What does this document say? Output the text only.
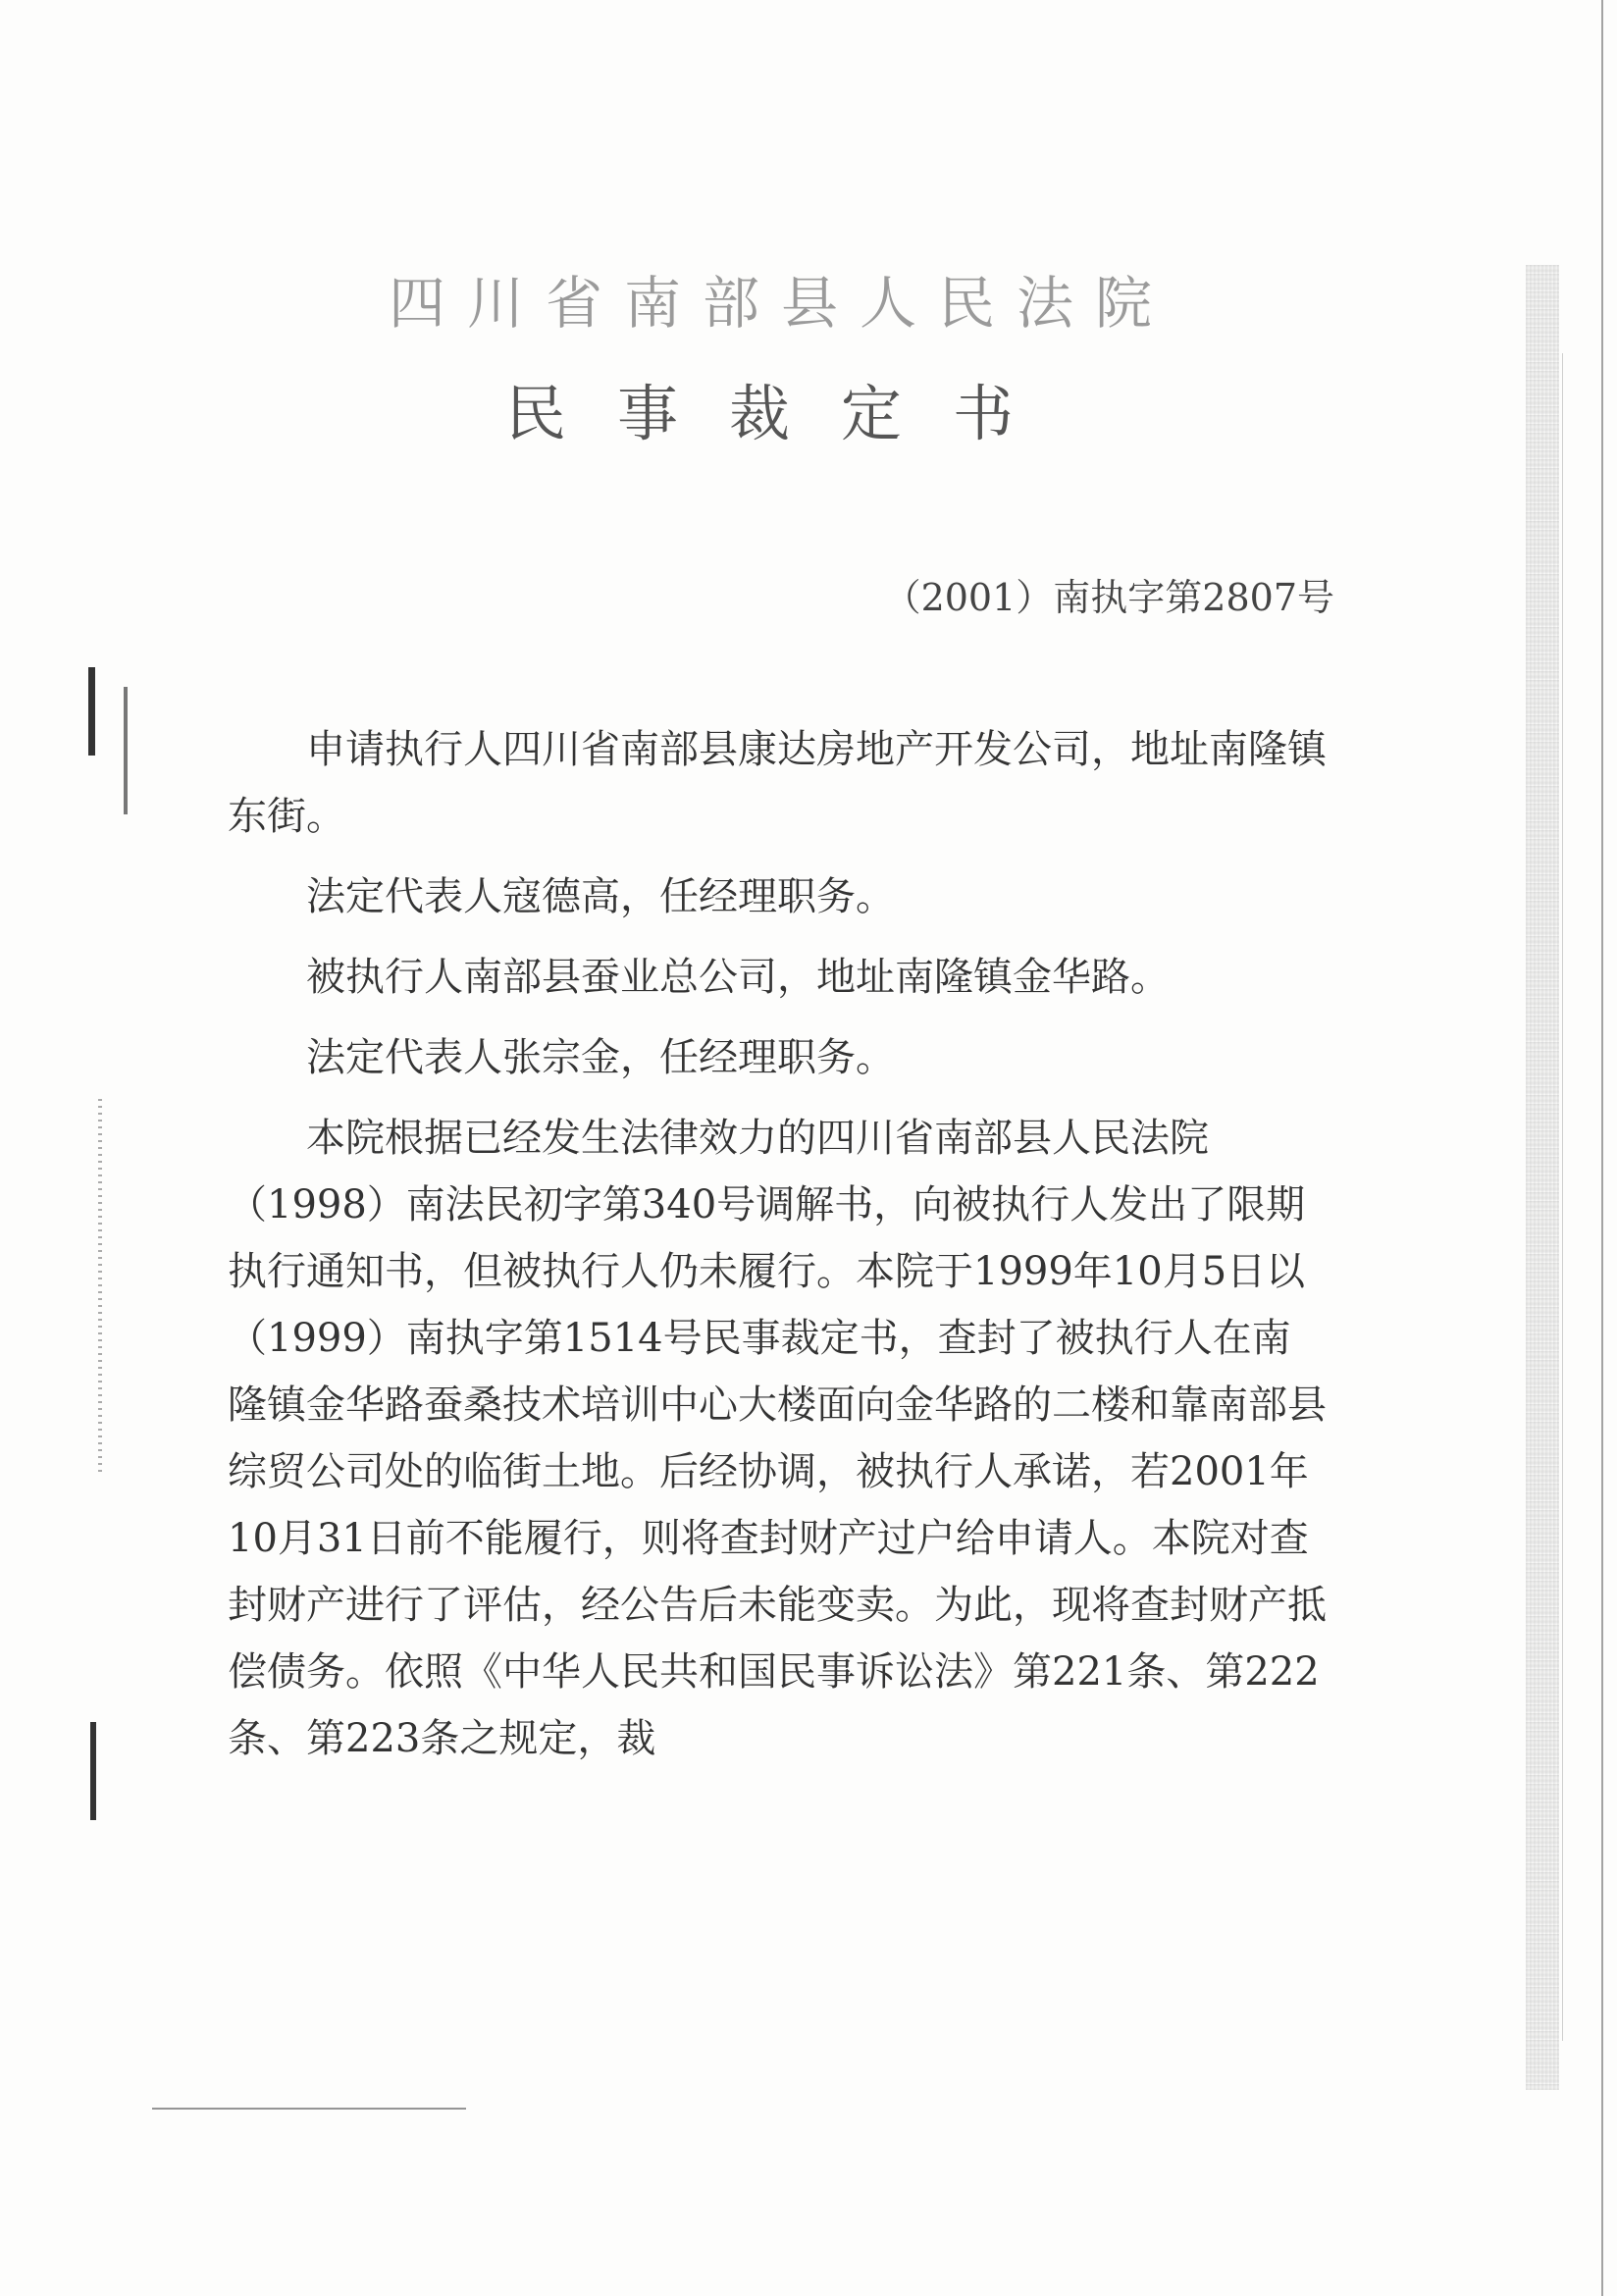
四川省南部县人民法院
民事裁定书
（2001）南执字第2807号

申请执行人四川省南部县康达房地产开发公司，地址南隆镇东街。

法定代表人寇德高，任经理职务。

被执行人南部县蚕业总公司，地址南隆镇金华路。

法定代表人张宗金，任经理职务。

本院根据已经发生法律效力的四川省南部县人民法院（1998）南法民初字第340号调解书，向被执行人发出了限期执行通知书，但被执行人仍未履行。本院于1999年10月5日以（1999）南执字第1514号民事裁定书，查封了被执行人在南隆镇金华路蚕桑技术培训中心大楼面向金华路的二楼和靠南部县综贸公司处的临街土地。后经协调，被执行人承诺，若2001年10月31日前不能履行，则将查封财产过户给申请人。本院对查封财产进行了评估，经公告后未能变卖。为此，现将查封财产抵偿债务。依照《中华人民共和国民事诉讼法》第221条、第222条、第223条之规定，裁
